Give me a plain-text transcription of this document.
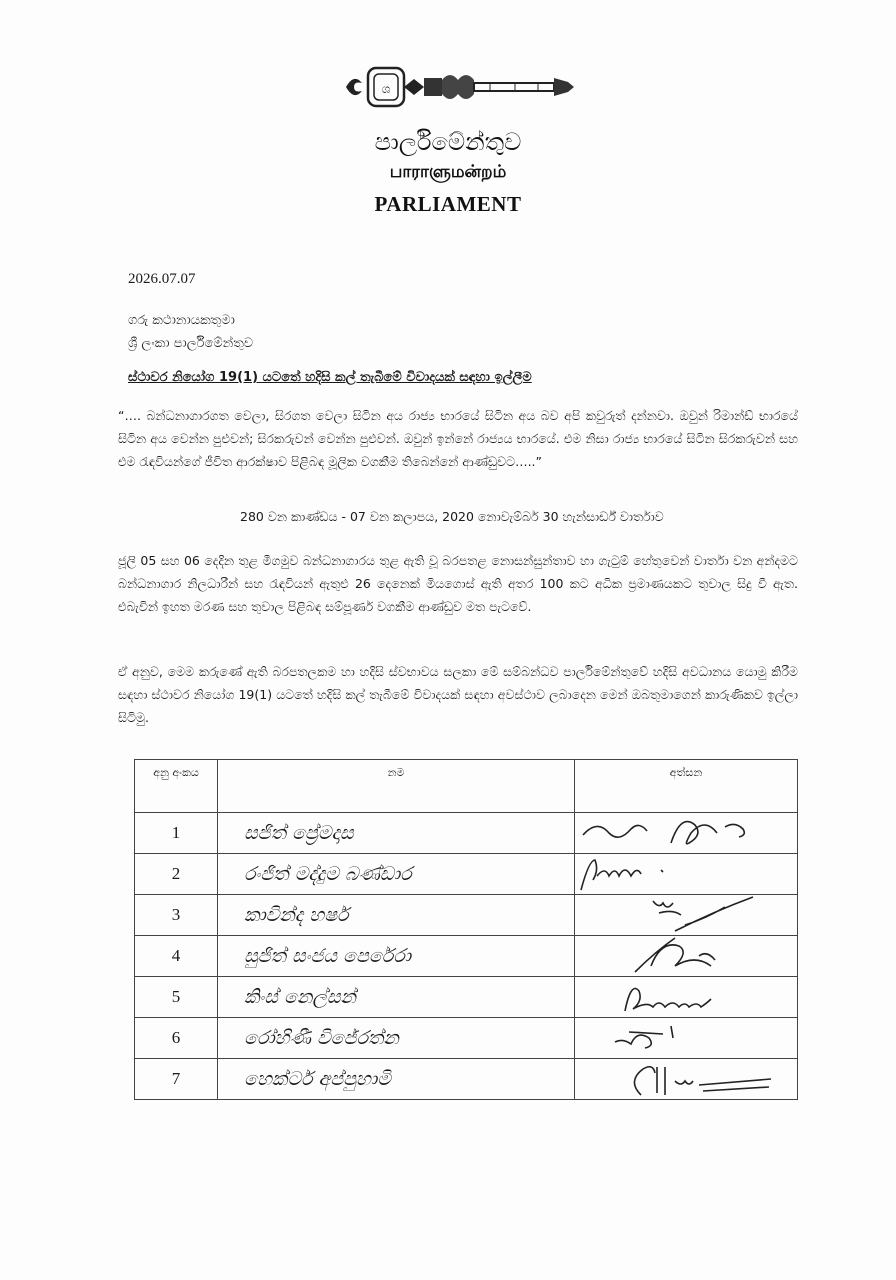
ශ
පාර්ලිමේන්තුව
பாராளுமன்றம்
PARLIAMENT
2026.07.07
ගරු කථානායකතුමා
ශ්‍රී ලංකා පාර්ලිමේන්තුව
ස්ථාවර නියෝග 19(1) යටතේ හදිසි කල් තැබීමේ විවාදයක් සඳහා ඉල්ලීම
“…. බන්ධනාගාරගත වෙලා, සිරගත වෙලා සිටින අය රාජ්‍ය භාරයේ සිටින අය බව අපි කවුරුත් දන්නවා. ඔවුන් රිමාන්ඩ් භාරයේ සිටින අය වෙන්න පුළුවන්; සිරකරුවන් වෙන්න පුළුවන්. ඔවුන් ඉන්නේ රාජ්‍යය භාරයේ. එම නිසා රාජ්‍ය භාරයේ සිටින සිරකරුවන් සහ එම රැඳවියන්ගේ ජීවිත ආරක්ෂාව පිළිබඳ මූලික වගකීම තිබෙන්නේ ආණ්ඩුවට…..”
280 වන කාණ්ඩය - 07 වන කලාපය, 2020 නොවැම්බර් 30 හැන්සාර්ඩ් වාර්තාව
ජූලි 05 සහ 06 දෙදින තුළ මීගමුව බන්ධනාගාරය තුළ ඇති වූ බරපතළ නොසන්සුන්තාව හා ගැටුම් හේතුවෙන් වාර්තා වන අන්දමට බන්ධනාගාර නිලධාරීන් සහ රැඳවියන් ඇතුළු 26 දෙනෙක් මියගොස් ඇති අතර 100 කට අධික ප්‍රමාණයකට තුවාල සිදු වී ඇත. එබැවින් ඉහත මරණ සහ තුවාල පිළිබඳ සම්පූර්ණ වගකීම ආණ්ඩුව මත පැටවේ.
ඒ අනුව, මෙම කරුණේ ඇති බරපතලකම හා හදිසි ස්වභාවය සලකා මේ සම්බන්ධව පාර්ලිමේන්තුවේ හදිසි අවධානය යොමු කිරීම සඳහා ස්ථාවර නියෝග 19(1) යටතේ හදිසි කල් තැබීමේ විවාදයක් සඳහා අවස්ථාව ලබාදෙන මෙන් ඔබතුමාගෙන් කාරුණිකව ඉල්ලා සිටිමු.
අනු අංකය	නම	අත්සන
1	සජිත් ප්‍රේමදාස

2	රංජිත් මද්දුම බණ්ඩාර

3	කාවින්ද හර්ෂ

4	සුජිත් සංජය පෙරේරා

5	කිංස් නෙල්සන්

6	රෝහිණී විජේරත්න

7	හෙක්ටර් අප්පුහාමි
